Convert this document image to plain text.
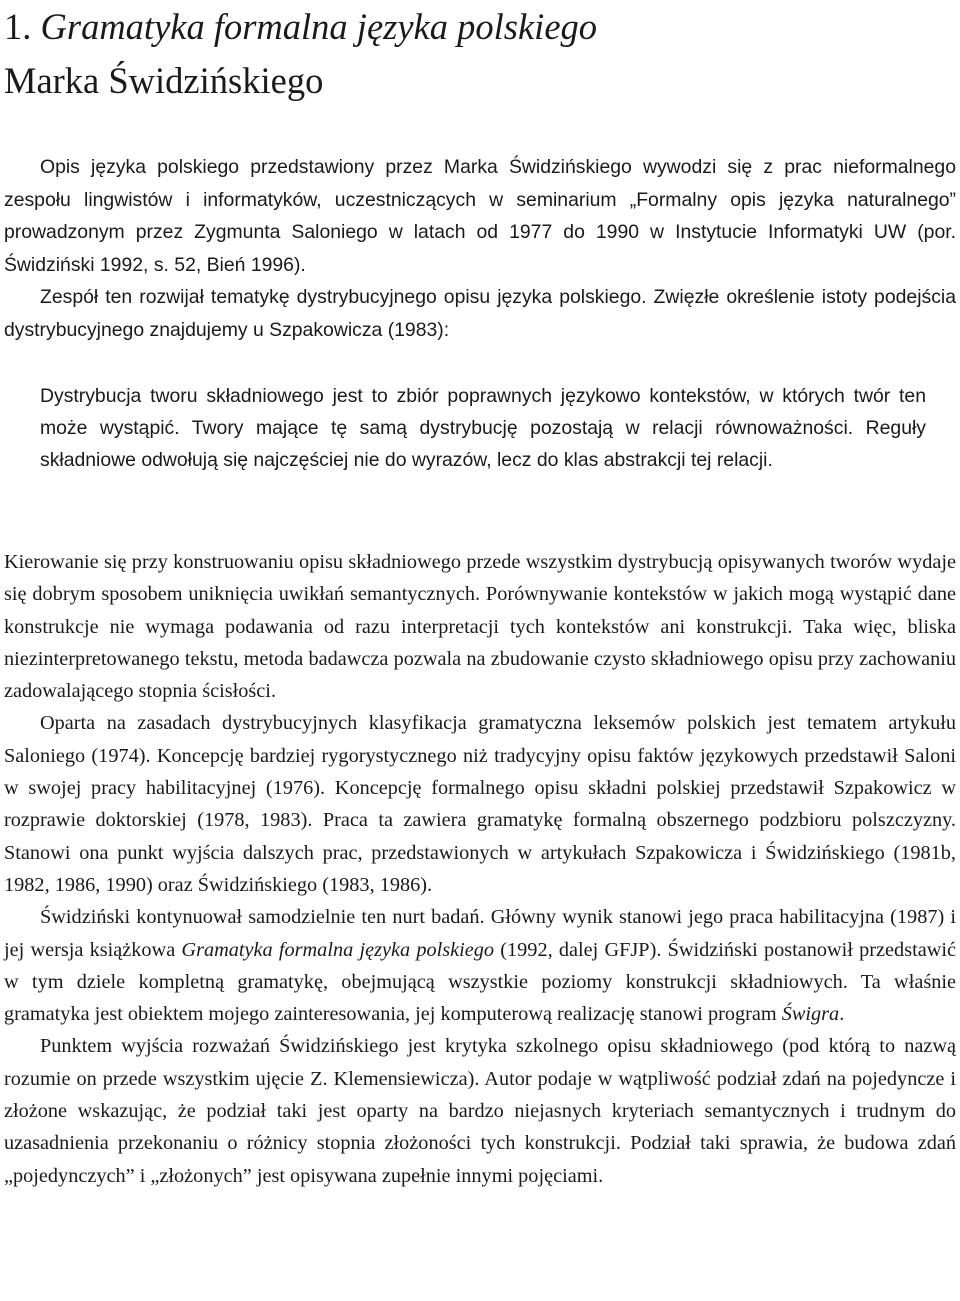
1. Gramatyka formalna języka polskiego
Marka Świdzińskiego

Opis języka polskiego przedstawiony przez Marka Świdzińskiego wywodzi się z prac nieformalnego zespołu lingwistów i informatyków, uczestniczących w seminarium „Formalny opis języka naturalnego” prowadzonym przez Zygmunta Saloniego w latach od 1977 do 1990 w Instytucie Informatyki UW (por. Świdziński 1992, s. 52, Bień 1996).

Zespół ten rozwijał tematykę dystrybucyjnego opisu języka polskiego. Zwięzłe określenie istoty podejścia dystrybucyjnego znajdujemy u Szpakowicza (1983):

Dystrybucja tworu składniowego jest to zbiór poprawnych językowo kontekstów, w których twór ten może wystąpić. Twory mające tę samą dystrybucję pozostają w relacji równoważności. Reguły składniowe odwołują się najczęściej nie do wyrazów, lecz do klas abstrakcji tej relacji.

Kierowanie się przy konstruowaniu opisu składniowego przede wszystkim dystrybucją opisywanych tworów wydaje się dobrym sposobem uniknięcia uwikłań semantycznych. Porównywanie kontekstów w jakich mogą wystąpić dane konstrukcje nie wymaga podawania od razu interpretacji tych kontekstów ani konstrukcji. Taka więc, bliska niezinterpretowanego tekstu, metoda badawcza pozwala na zbudowanie czysto składniowego opisu przy zachowaniu zadowalającego stopnia ścisłości.

Oparta na zasadach dystrybucyjnych klasyfikacja gramatyczna leksemów polskich jest tematem artykułu Saloniego (1974). Koncepcję bardziej rygorystycznego niż tradycyjny opisu faktów językowych przedstawił Saloni w swojej pracy habilitacyjnej (1976). Koncepcję formalnego opisu składni polskiej przedstawił Szpakowicz w rozprawie doktorskiej (1978, 1983). Praca ta zawiera gramatykę formalną obszernego podzbioru polszczyzny. Stanowi ona punkt wyjścia dalszych prac, przedstawionych w artykułach Szpakowicza i Świdzińskiego (1981b, 1982, 1986, 1990) oraz Świdzińskiego (1983, 1986).

Świdziński kontynuował samodzielnie ten nurt badań. Główny wynik stanowi jego praca habilitacyjna (1987) i jej wersja książkowa Gramatyka formalna języka polskiego (1992, dalej GFJP). Świdziński postanowił przedstawić w tym dziele kompletną gramatykę, obejmującą wszystkie poziomy konstrukcji składniowych. Ta właśnie gramatyka jest obiektem mojego zainteresowania, jej komputerową realizację stanowi program Świgra.

Punktem wyjścia rozważań Świdzińskiego jest krytyka szkolnego opisu składniowego (pod którą to nazwą rozumie on przede wszystkim ujęcie Z. Klemensiewicza). Autor podaje w wątpliwość podział zdań na pojedyncze i złożone wskazując, że podział taki jest oparty na bardzo niejasnych kryteriach semantycznych i trudnym do uzasadnienia przekonaniu o różnicy stopnia złożoności tych konstrukcji. Podział taki sprawia, że budowa zdań „pojedynczych” i „złożonych” jest opisywana zupełnie innymi pojęciami.
